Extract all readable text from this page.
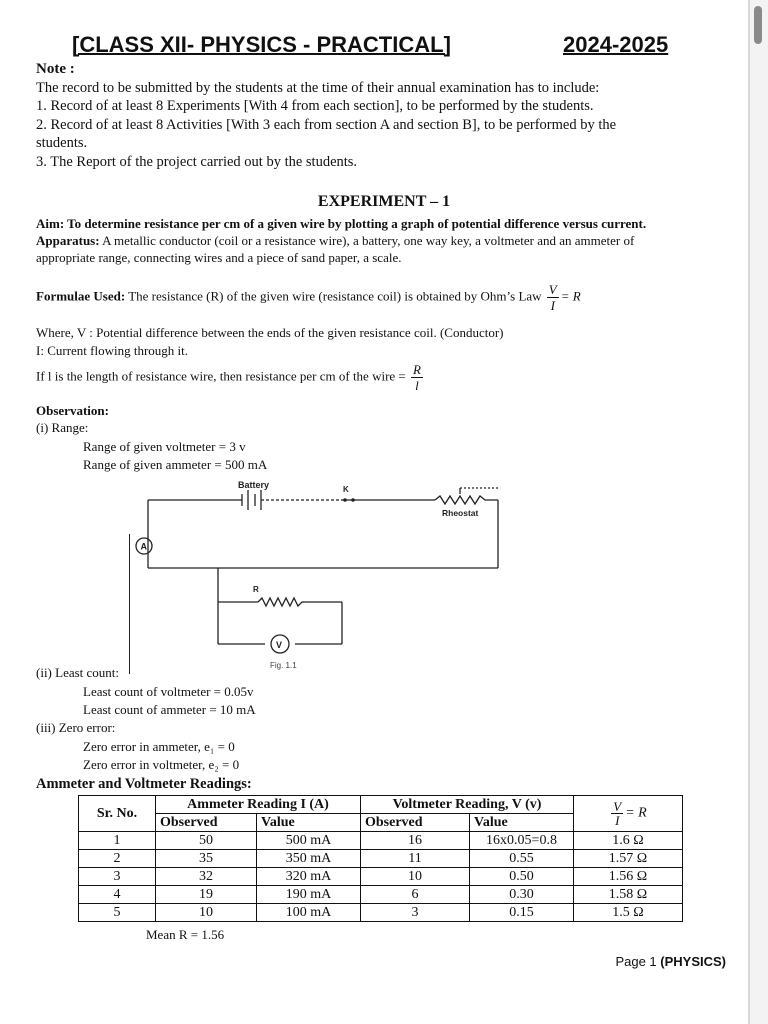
[CLASS XII- PHYSICS - PRACTICAL]	2024-2025
Note :
The record to be submitted by the students at the time of their annual examination has to include:
1. Record of at least 8 Experiments [With 4 from each section], to be performed by the students.
2. Record of at least 8 Activities [With 3 each from section A and section B], to be performed by the
students.
3. The Report of the project carried out by the students.
EXPERIMENT – 1
Aim: To determine resistance per cm of a given wire by plotting a graph of potential difference versus current.
Apparatus: A metallic conductor (coil or a resistance wire), a battery, one way key, a voltmeter and an ammeter of
appropriate range, connecting wires and a piece of sand paper, a scale.
Formulae Used: The resistance (R) of the given wire (resistance coil) is obtained by Ohm’s Law $\frac{V}{I} = R$
Where, V : Potential difference between the ends of the given resistance coil. (Conductor)
I: Current flowing through it.
If l is the length of resistance wire, then resistance per cm of the wire = $\frac{R}{l}$
Observation:
(i) Range:
Range of given voltmeter = 3 v
Range of given ammeter = 500 mA
Battery	K
Rheostat
R
A
V
Fig. 1.1
(ii) Least count:
Least count of voltmeter = 0.05v
Least count of ammeter = 10 mA
(iii) Zero error:
Zero error in ammeter, e₁ = 0
Zero error in voltmeter, e₂ = 0
Ammeter and Voltmeter Readings:
Sr. No.	Ammeter Reading I (A)		Voltmeter Reading, V (v)		$\frac{V}{I} = R$
	Observed	Value	Observed	Value	
1	50	500 mA	16	16x0.05=0.8	1.6 Ω
2	35	350 mA	11	0.55	1.57 Ω
3	32	320 mA	10	0.50	1.56 Ω
4	19	190 mA	6	0.30	1.58 Ω
5	10	100 mA	3	0.15	1.5 Ω
Mean R = 1.56
Page 1 (PHYSICS)
